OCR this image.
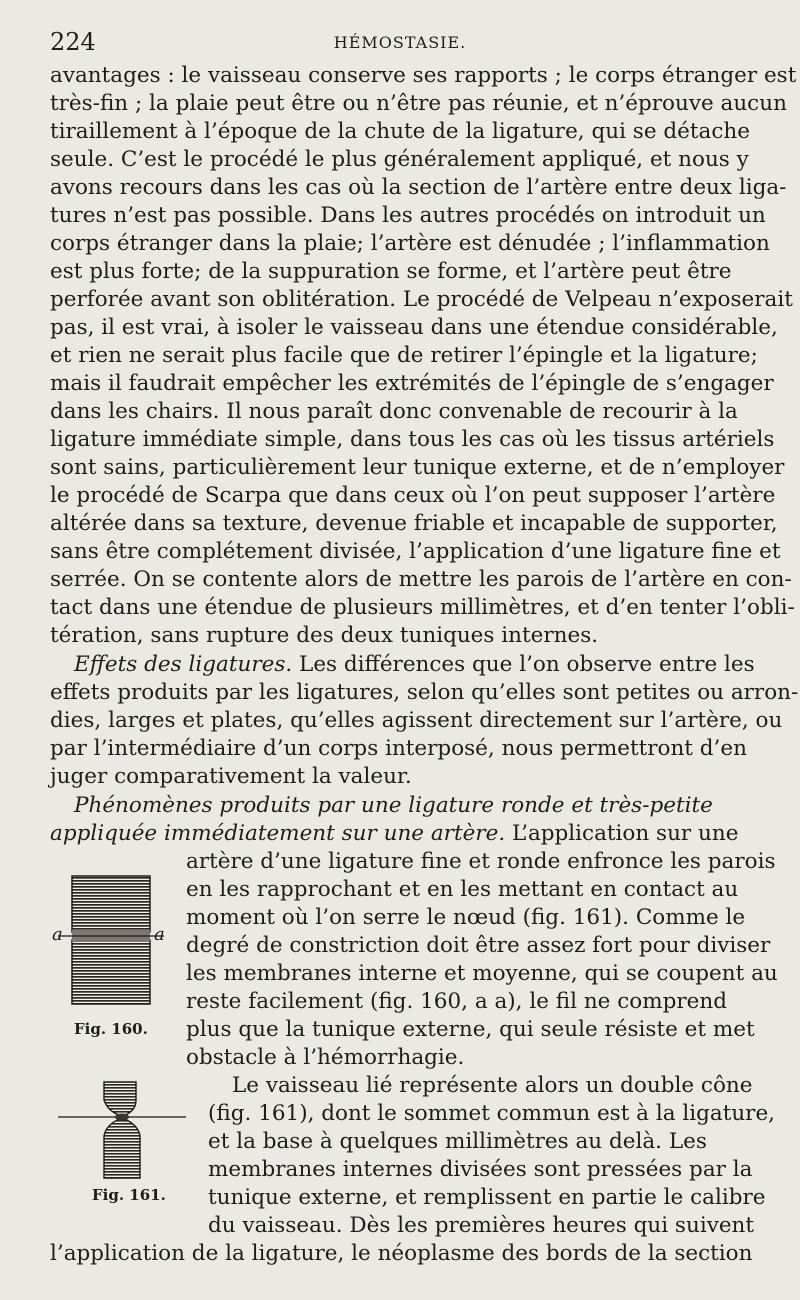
224	HÉMOSTASIE.
avantages : le vaisseau conserve ses rapports ; le corps étranger est
très-fin ; la plaie peut être ou n’être pas réunie, et n’éprouve aucun
tiraillement à l’époque de la chute de la ligature, qui se détache
seule. C’est le procédé le plus généralement appliqué, et nous y
avons recours dans les cas où la section de l’artère entre deux liga-
tures n’est pas possible. Dans les autres procédés on introduit un
corps étranger dans la plaie; l’artère est dénudée ; l’inflammation
est plus forte; de la suppuration se forme, et l’artère peut être
perforée avant son oblitération. Le procédé de Velpeau n’exposerait
pas, il est vrai, à isoler le vaisseau dans une étendue considérable,
et rien ne serait plus facile que de retirer l’épingle et la ligature;
mais il faudrait empêcher les extrémités de l’épingle de s’engager
dans les chairs. Il nous paraît donc convenable de recourir à la
ligature immédiate simple, dans tous les cas où les tissus artériels
sont sains, particulièrement leur tunique externe, et de n’employer
le procédé de Scarpa que dans ceux où l’on peut supposer l’artère
altérée dans sa texture, devenue friable et incapable de supporter,
sans être complétement divisée, l’application d’une ligature fine et
serrée. On se contente alors de mettre les parois de l’artère en con-
tact dans une étendue de plusieurs millimètres, et d’en tenter l’obli-
tération, sans rupture des deux tuniques internes.
Effets des ligatures. Les différences que l’on observe entre les
effets produits par les ligatures, selon qu’elles sont petites ou arron-
dies, larges et plates, qu’elles agissent directement sur l’artère, ou
par l’intermédiaire d’un corps interposé, nous permettront d’en
juger comparativement la valeur.
Phénomènes produits par une ligature ronde et très-petite
appliquée immédiatement sur une artère. L’application sur une
artère d’une ligature fine et ronde enfronce les parois
en les rapprochant et en les mettant en contact au
moment où l’on serre le nœud (fig. 161). Comme le
degré de constriction doit être assez fort pour diviser
les membranes interne et moyenne, qui se coupent au
reste facilement (fig. 160, a a), le fil ne comprend
plus que la tunique externe, qui seule résiste et met
obstacle à l’hémorrhagie.
Le vaisseau lié représente alors un double cône
(fig. 161), dont le sommet commun est à la ligature,
et la base à quelques millimètres au delà. Les
membranes internes divisées sont pressées par la
tunique externe, et remplissent en partie le calibre
du vaisseau. Dès les premières heures qui suivent
l’application de la ligature, le néoplasme des bords de la section
a	a
Fig. 160.
Fig. 161.
